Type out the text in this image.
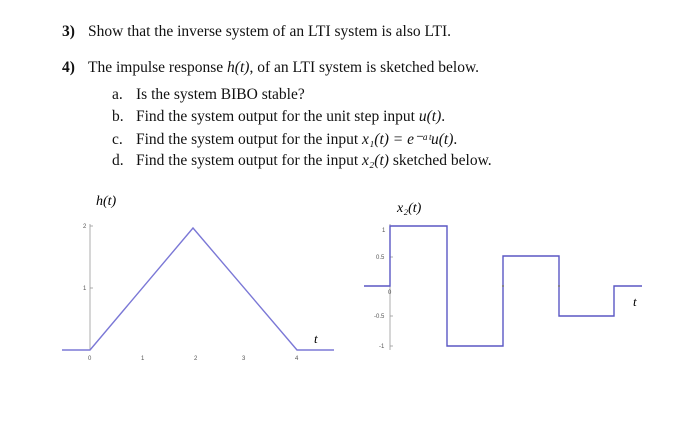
3) Show that the inverse system of an LTI system is also LTI.
4) The impulse response h(t), of an LTI system is sketched below.
a. Is the system BIBO stable?
b. Find the system output for the unit step input u(t).
c. Find the system output for the input x₁(t) = e⁻ᵃᵗu(t).
d. Find the system output for the input x₂(t) sketched below.
h(t)
2
1
0	1	2	3	4
t
x₂(t)
1
0.5
0
-0.5
-1
t
